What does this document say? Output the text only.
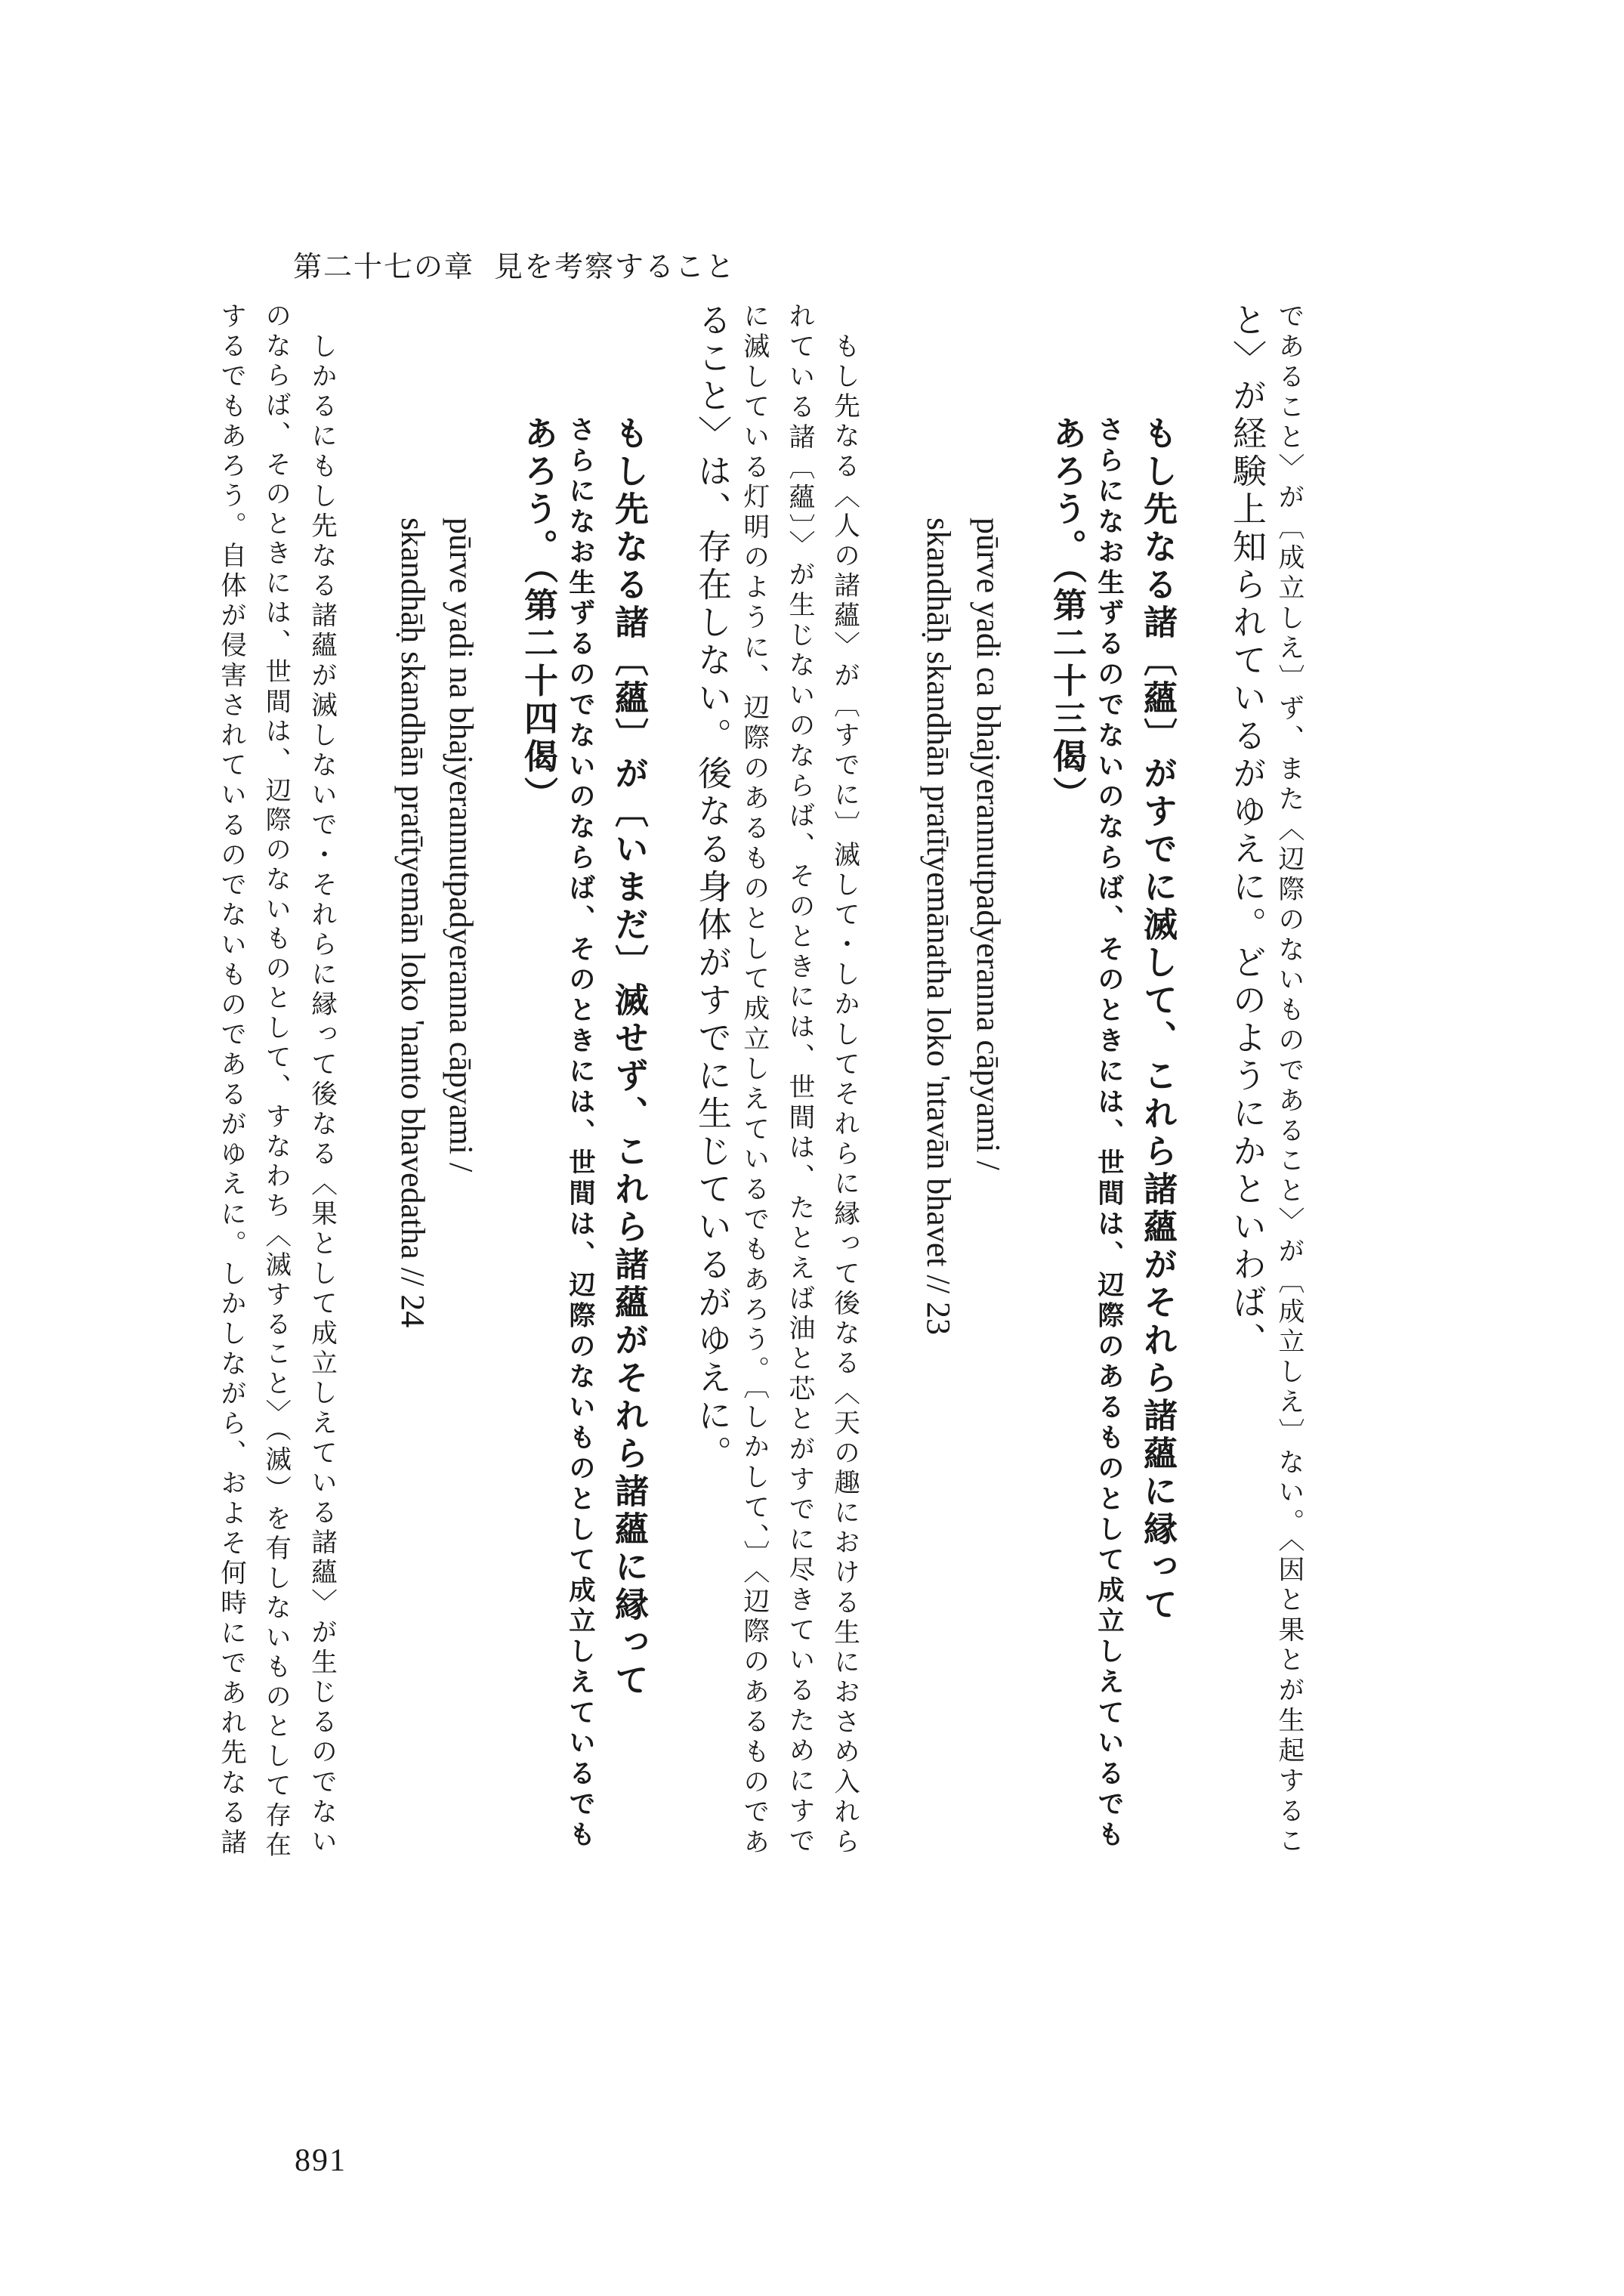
第二十七の章 見を考察すること
であること〉が〔成立しえ〕ず、また〈辺際のないものであること〉が〔成立しえ〕ない。〈因と果とが生起するこ
と〉が経験上知られているがゆえに。どのようにかといわば、
もし先なる諸〔蘊〕がすでに滅して、これら諸蘊がそれら諸蘊に縁って
さらになお生ずるのでないのならば、そのときには、世間は、辺際のあるものとして成立しえているでも
あろう。（第二十三偈）
pūrve yadi ca bhajyerannutpadyeranna cāpyami /
skandhāḥ skandhān pratītyemānatha loko 'ntavān bhavet // 23
もし先なる〈人の諸蘊〉が〔すでに〕滅して・しかしてそれらに縁って後なる〈天の趣における生におさめ入れら
れている諸〔蘊〕〉が生じないのならば、そのときには、世間は、たとえば油と芯とがすでに尽きているためにすで
に滅している灯明のように、辺際のあるものとして成立しえているでもあろう。〔しかして、〕〈辺際のあるものであ
ること〉は、存在しない。後なる身体がすでに生じているがゆえに。
もし先なる諸〔蘊〕が〔いまだ〕滅せず、これら諸蘊がそれら諸蘊に縁って
さらになお生ずるのでないのならば、そのときには、世間は、辺際のないものとして成立しえているでも
あろう。（第二十四偈）
pūrve yadi na bhajyerannutpadyeranna cāpyami /
skandhāḥ skandhān pratītyemān loko 'nanto bhavedatha // 24
しかるにもし先なる諸蘊が滅しないで・それらに縁って後なる〈果として成立しえている諸蘊〉が生じるのでない
のならば、そのときには、世間は、辺際のないものとして、すなわち〈滅すること〉（滅）を有しないものとして存在
するでもあろう。自体が侵害されているのでないものであるがゆえに。しかしながら、およそ何時にであれ先なる諸
891
